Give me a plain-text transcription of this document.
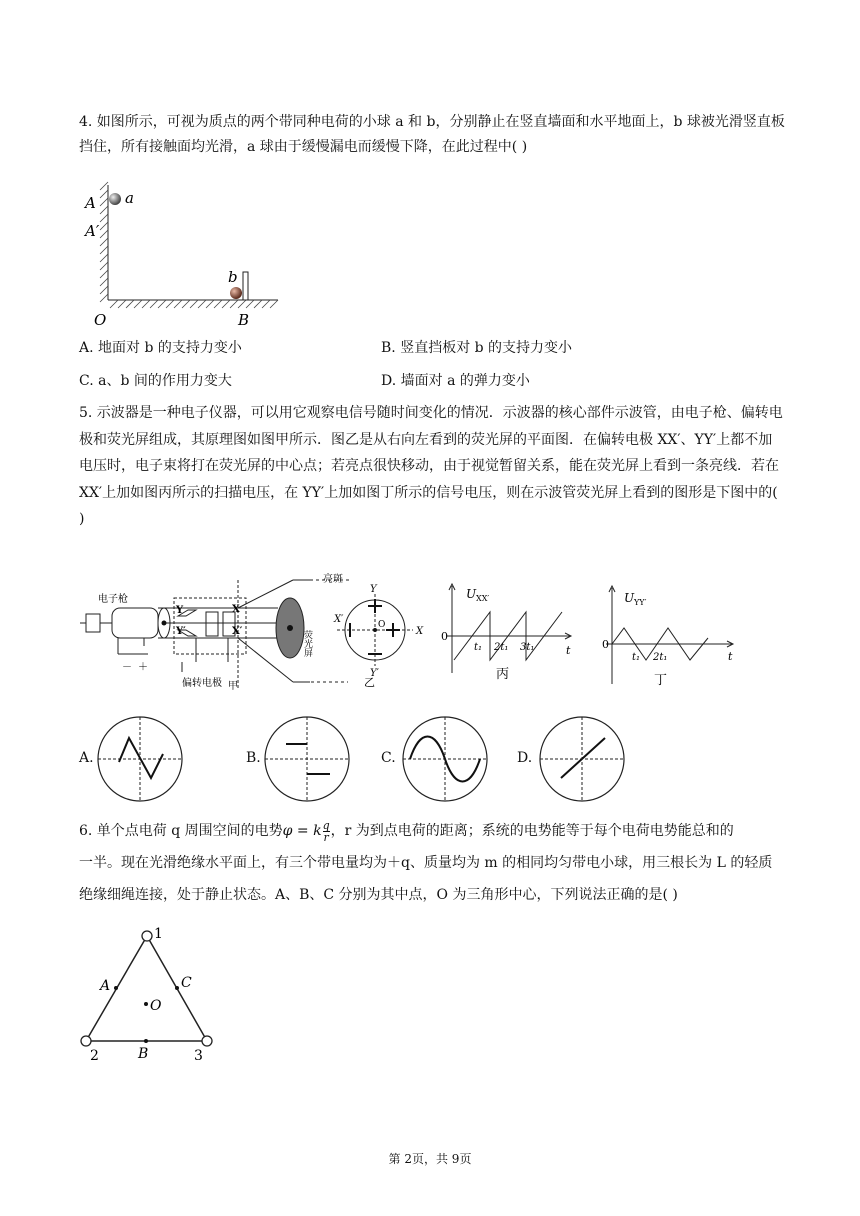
4. 如图所示，可视为质点的两个带同种电荷的小球 a 和 b，分别静止在竖直墙面和水平地面上，b 球被光滑竖直板挡住，所有接触面均光滑，a 球由于缓慢漏电而缓慢下降，在此过程中( )

A a
A′
b
O	B
A. 地面对 b 的支持力变小	B. 竖直挡板对 b 的支持力变小
C. a、b 间的作用力变大	D. 墙面对 a 的弹力变小

5. 示波器是一种电子仪器，可以用它观察电信号随时间变化的情况．示波器的核心部件示波管，由电子枪、偏转电极和荧光屏组成，其原理图如图甲所示．图乙是从右向左看到的荧光屏的平面图．在偏转电极 XX′、YY′上都不加电压时，电子束将打在荧光屏的中心点；若亮点很快移动，由于视觉暂留关系，能在荧光屏上看到一条亮线．若在 XX′上加如图丙所示的扫描电压，在 YY′上加如图丁所示的信号电压，则在示波管荧光屏上看到的图形是下图中的( )

电子枪
亮斑
荧光屏
偏转电极 甲	乙
Y
Y′
X
X′
Y
Y′
X
X′	O
－ ＋
U XX′
0
t
t₁ 2t₁ 3t₁
丙
U YY′
0
t
t₁ 2t₁
丁
A.	B.	C.	D.

6. 单个点电荷 q 周围空间的电势φ = k $\frac{q}{r}$ ，r 为到点电荷的距离；系统的电势能等于每个电荷电势能总和的

一半。现在光滑绝缘水平面上，有三个带电量均为＋q、质量均为 m 的相同均匀带电小球，用三根长为 L 的轻质绝缘细绳连接，处于静止状态。A、B、C 分别为其中点，O 为三角形中心，下列说法正确的是( )

1
2	3
A	C
B
O
第 2页，共 9页
